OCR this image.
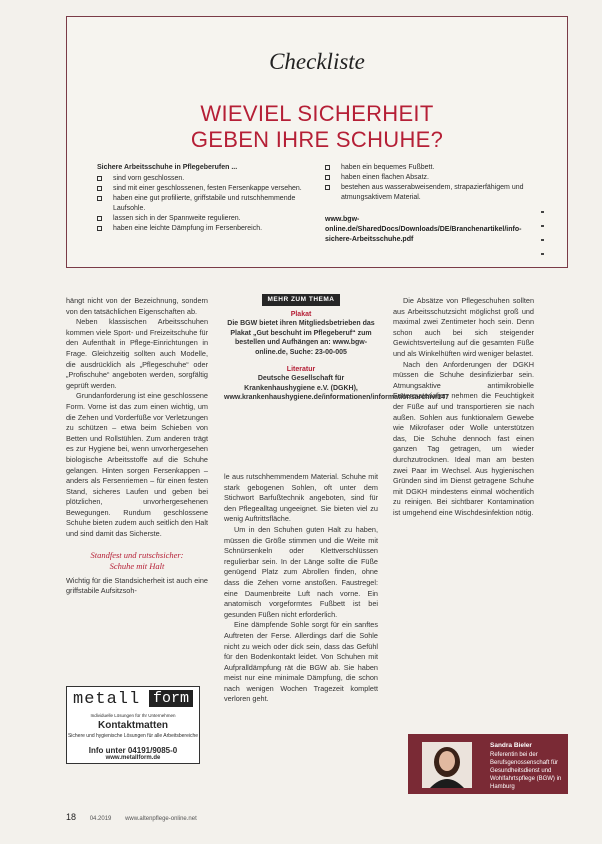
Checkliste
WIEVIEL SICHERHEIT
GEBEN IHRE SCHUHE?
Sichere Arbeitsschuhe in Pflegeberufen ...
sind vorn geschlossen.
sind mit einer geschlossenen, festen Fersenkappe versehen.
haben eine gut profilierte, griffstabile und rutschhemmende Laufsohle.
lassen sich in der Spannweite regulieren.
haben eine leichte Dämpfung im Fersenbereich.
haben ein bequemes Fußbett.
haben einen flachen Absatz.
bestehen aus wasserabweisendem, strapazierfähigem und atmungsaktivem Material.
www.bgw-online.de/SharedDocs/Downloads/DE/Branchenartikel/info-sichere-Arbeitsschuhe.pdf

hängt nicht von der Bezeichnung, sondern von den tatsächlichen Eigenschaften ab.

Neben klassischen Arbeitsschuhen kommen viele Sport- und Freizeitschuhe für den Aufenthalt in Pflege-Einrichtungen in Frage. Gleichzeitig sollten auch Modelle, die ausdrücklich als „Pflegeschuhe“ oder „Profischuhe“ angeboten werden, sorgfältig geprüft werden.

Grundanforderung ist eine geschlossene Form. Vorne ist das zum einen wichtig, um die Zehen und Vorderfüße vor Verletzungen zu schützen – etwa beim Schieben von Betten und Rollstühlen. Zum anderen trägt es zur Hygiene bei, wenn unvorhergesehen biologische Arbeitsstoffe auf die Schuhe gelangen. Hinten sorgen Fersenkappen – anders als Fersenriemen – für einen festen Stand, sicheres Laufen und geben bei plötzlichen, unvorhergesehenen Bewegungen. Rundum geschlossene Schuhe bieten zudem auch seitlich den Halt und sind damit das Sicherste.

Standfest und rutschsicher:
Schuhe mit Halt

Wichtig für die Standsicherheit ist auch eine griffstabile Aufsitzsoh-

MEHR ZUM THEMA
Plakat
Die BGW bietet ihren Mitgliedsbetrieben das Plakat „Gut beschuht im Pflegeberuf“ zum bestellen und Aufhängen an: www.bgw-online.de, Suche: 23-00-005
Literatur
Deutsche Gesellschaft für Krankenhaushygiene e.V. (DGKH), www.krankenhaushygiene.de/informationen/informationsarchiv/147

le aus rutschhemmendem Material. Schuhe mit stark gebogenen Sohlen, oft unter dem Stichwort Barfußtechnik angeboten, sind für den Pflegealltag ungeeignet. Sie bieten viel zu wenig Auftrittsfläche.

Um in den Schuhen guten Halt zu haben, müssen die Größe stimmen und die Weite mit Schnürsenkeln oder Klettverschlüssen regulierbar sein. In der Länge sollte die Füße genügend Platz zum Abrollen finden, ohne dass die Zehen vorne anstoßen. Faustregel: eine Daumenbreite Luft nach vorne. Ein anatomisch vorgeformtes Fußbett ist bei gesunden Füßen nicht erforderlich.

Eine dämpfende Sohle sorgt für ein sanftes Auftreten der Ferse. Allerdings darf die Sohle nicht zu weich oder dick sein, dass das Gefühl für den Bodenkontakt leidet. Von Schuhen mit Aufpralldämpfung rät die BGW ab. Sie haben meist nur eine minimale Dämpfung, die schon nach wenigen Wochen Tragezeit komplett verloren geht.

Die Absätze von Pflegeschuhen sollten aus Arbeitsschutzsicht möglichst groß und maximal zwei Zentimeter hoch sein. Denn schon auch bei sich steigender Gewichtsverteilung auf die gesamten Füße und als Winkelhüften wird weniger belastet.

Nach den Anforderungen der DGKH müssen die Schuhe desinfizierbar sein. Atmungsaktive antimikrobielle Futtermaterialien nehmen die Feuchtigkeit der Füße auf und transportieren sie nach außen. Sohlen aus funktionalem Gewebe wie Mikrofaser oder Wolle unterstützen das, Die Schuhe dennoch fast einen ganzen Tag getragen, um wieder durchzutrocknen. Ideal man am besten zwei Paar im Wechsel. Aus hygienischen Gründen sind im Dienst getragene Schuhe mit DGKH mindestens einmal wöchentlich zu reinigen. Bei sichtbarer Kontamination ist umgehend eine Wischdesinfektion nötig.

metall form
Individuelle Lösungen für Ihr Unternehmen
Kontaktmatten
Sichere und hygienische Lösungen für alle Arbeitsbereiche
Info unter 04191/9085-0
www.metallform.de
Sandra Bieler
Referentin bei der Berufsgenossenschaft für Gesundheitsdienst und Wohlfahrtspflege (BGW) in Hamburg
18 04.2019 www.altenpflege-online.net
